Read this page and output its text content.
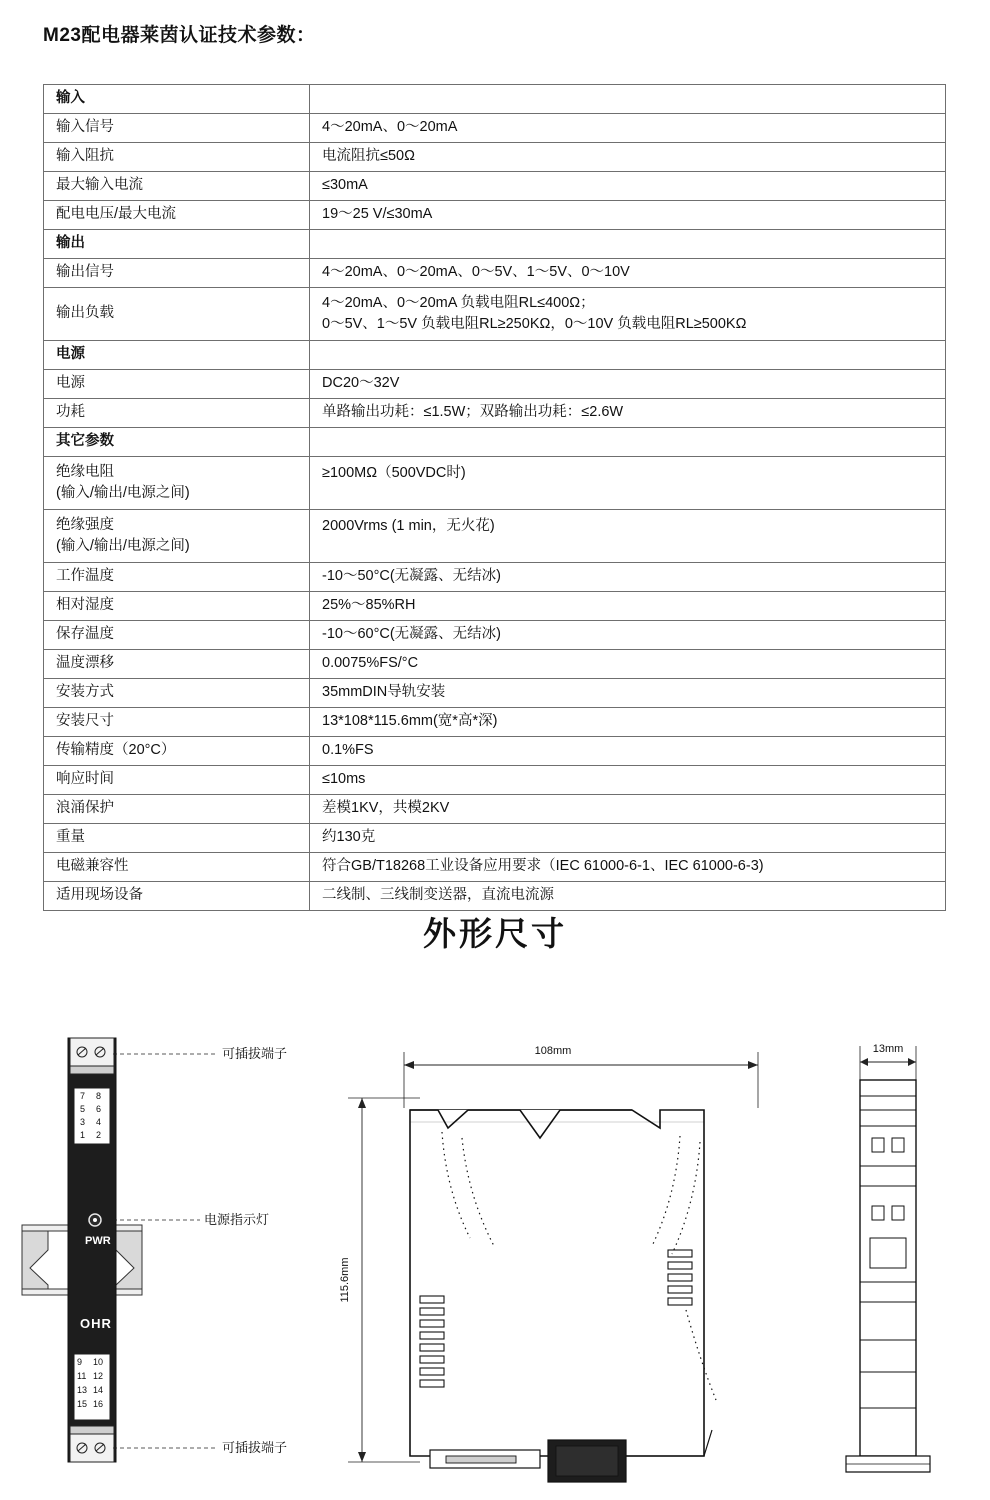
M23配电器莱茵认证技术参数：
输入	
输入信号	4～20mA、0～20mA
输入阻抗	电流阻抗≤50Ω
最大输入电流	≤30mA
配电电压/最大电流	19～25 V/≤30mA
输出	
输出信号	4～20mA、0～20mA、0～5V、1～5V、0～10V
输出负载	4～20mA、0～20mA 负载电阻RL≤400Ω；
0～5V、1～5V 负载电阻RL≥250KΩ，0～10V 负载电阻RL≥500KΩ

电源	
电源	DC20～32V
功耗	单路输出功耗：≤1.5W；双路输出功耗：≤2.6W
其它参数	

绝缘电阻
(输入/输出/电源之间)	≥100MΩ（500VDC时)

绝缘强度
(输入/输出/电源之间)	2000Vrms (1 min，无火花)
工作温度	-10～50°C(无凝露、无结冰)
相对湿度	25%～85%RH
保存温度	-10～60°C(无凝露、无结冰)
温度漂移	0.0075%FS/°C
安装方式	35mmDIN导轨安装
安装尺寸	13*108*115.6mm(宽*高*深)
传输精度（20°C）	0.1%FS
响应时间	≤10ms
浪涌保护	差模1KV，共模2KV
重量	约130克
电磁兼容性	符合GB/T18268工业设备应用要求（IEC 61000-6-1、IEC 61000-6-3)
适用现场设备	二线制、三线制变送器，直流电流源
外形尺寸
7 8
5 6
3 4
1 2
PWR
OHR
9 10
11 12
13 14
15 16
可插拔端子
电源指示灯
可插拔端子
108mm
115.6mm
13mm
